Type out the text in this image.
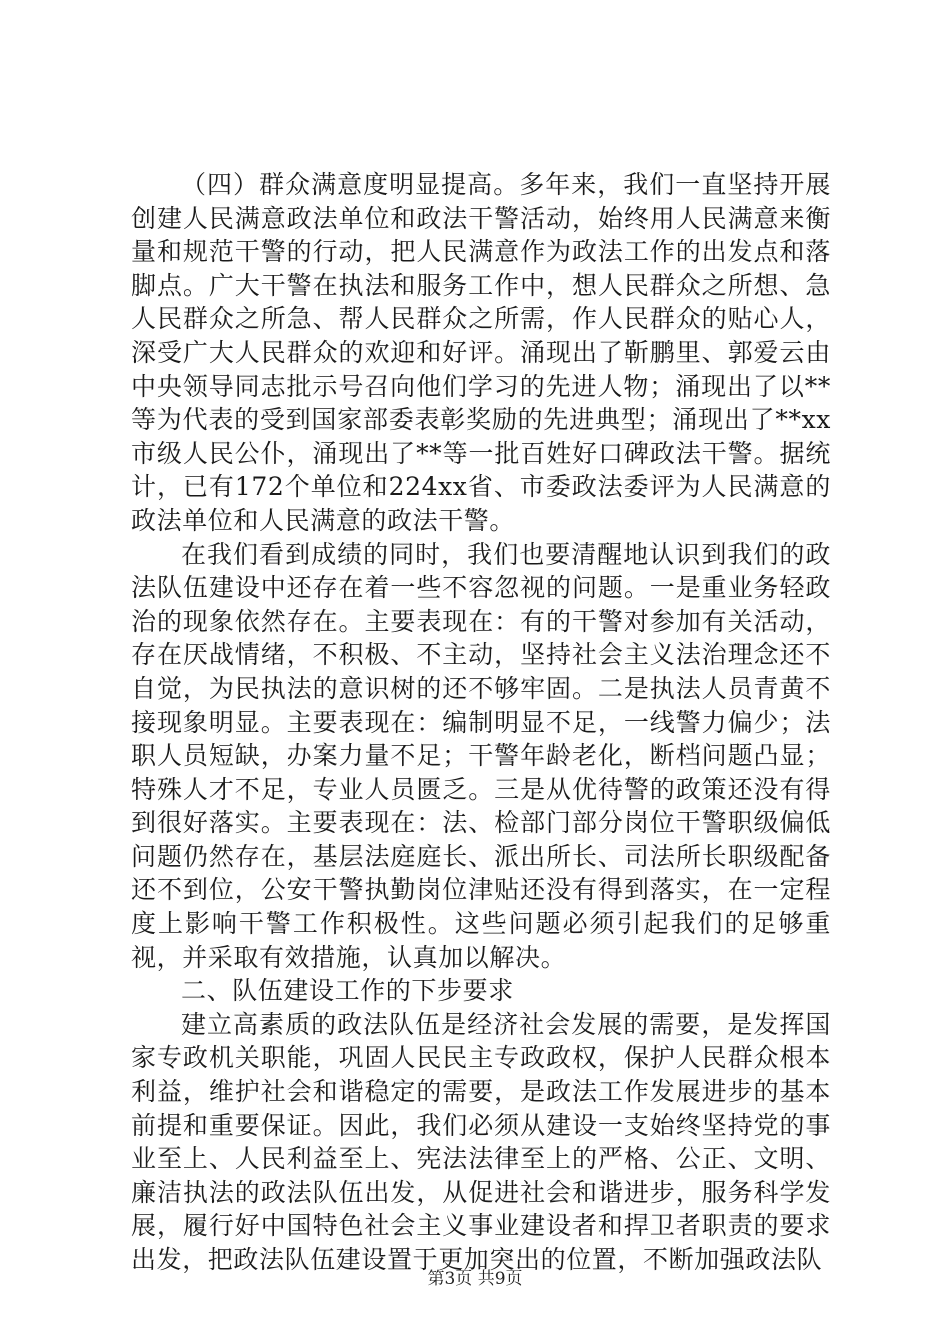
（四）群众满意度明显提高。多年来，我们一直坚持开展创建人民满意政法单位和政法干警活动，始终用人民满意来衡量和规范干警的行动，把人民满意作为政法工作的出发点和落脚点。广大干警在执法和服务工作中，想人民群众之所想、急人民群众之所急、帮人民群众之所需，作人民群众的贴心人，深受广大人民群众的欢迎和好评。涌现出了靳鹏里、郭爱云由中央领导同志批示号召向他们学习的先进人物；涌现出了以**等为代表的受到国家部委表彰奖励的先进典型；涌现出了**xx市级人民公仆，涌现出了**等一批百姓好口碑政法干警。据统计，已有172个单位和224xx省、市委政法委评为人民满意的政法单位和人民满意的政法干警。

在我们看到成绩的同时，我们也要清醒地认识到我们的政法队伍建设中还存在着一些不容忽视的问题。一是重业务轻政治的现象依然存在。主要表现在：有的干警对参加有关活动，存在厌战情绪，不积极、不主动，坚持社会主义法治理念还不自觉，为民执法的意识树的还不够牢固。二是执法人员青黄不接现象明显。主要表现在：编制明显不足，一线警力偏少；法职人员短缺，办案力量不足；干警年龄老化，断档问题凸显；特殊人才不足，专业人员匮乏。三是从优待警的政策还没有得到很好落实。主要表现在：法、检部门部分岗位干警职级偏低问题仍然存在，基层法庭庭长、派出所长、司法所长职级配备还不到位，公安干警执勤岗位津贴还没有得到落实，在一定程度上影响干警工作积极性。这些问题必须引起我们的足够重视，并采取有效措施，认真加以解决。

二、队伍建设工作的下步要求

建立高素质的政法队伍是经济社会发展的需要，是发挥国家专政机关职能，巩固人民民主专政政权，保护人民群众根本利益，维护社会和谐稳定的需要，是政法工作发展进步的基本前提和重要保证。因此，我们必须从建设一支始终坚持党的事业至上、人民利益至上、宪法法律至上的严格、公正、文明、廉洁执法的政法队伍出发，从促进社会和谐进步，服务科学发展，履行好中国特色社会主义事业建设者和捍卫者职责的要求出发，把政法队伍建设置于更加突出的位置，不断加强政法队

第3页 共9页
